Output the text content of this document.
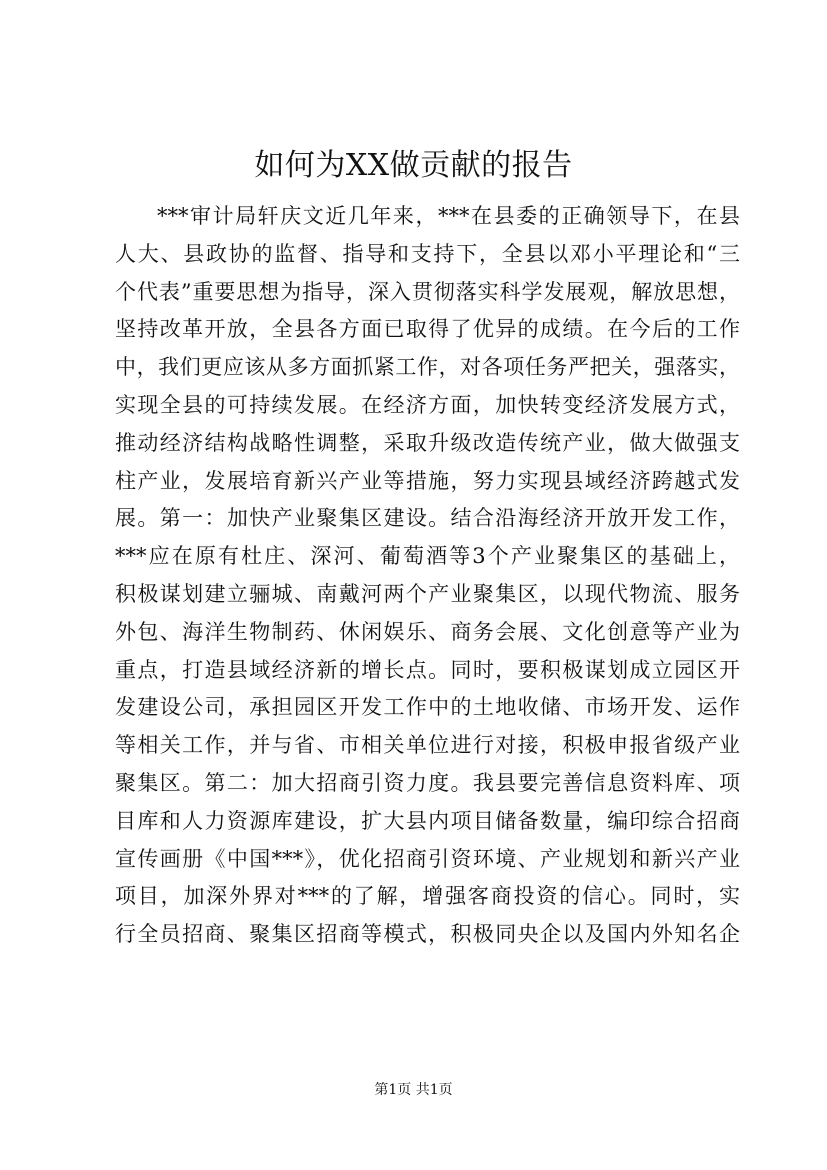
如何为XX做贡献的报告
***审计局轩庆文近几年来，***在县委的正确领导下，在县
人大、县政协的监督、指导和支持下，全县以邓小平理论和“三
个代表”重要思想为指导，深入贯彻落实科学发展观，解放思想，
坚持改革开放，全县各方面已取得了优异的成绩。在今后的工作
中，我们更应该从多方面抓紧工作，对各项任务严把关，强落实，
实现全县的可持续发展。在经济方面，加快转变经济发展方式，
推动经济结构战略性调整，采取升级改造传统产业，做大做强支
柱产业，发展培育新兴产业等措施，努力实现县域经济跨越式发
展。第一：加快产业聚集区建设。结合沿海经济开放开发工作，
***应在原有杜庄、深河、葡萄酒等3个产业聚集区的基础上，
积极谋划建立骊城、南戴河两个产业聚集区，以现代物流、服务
外包、海洋生物制药、休闲娱乐、商务会展、文化创意等产业为
重点，打造县域经济新的增长点。同时，要积极谋划成立园区开
发建设公司，承担园区开发工作中的土地收储、市场开发、运作
等相关工作，并与省、市相关单位进行对接，积极申报省级产业
聚集区。第二：加大招商引资力度。我县要完善信息资料库、项
目库和人力资源库建设，扩大县内项目储备数量，编印综合招商
宣传画册《中国***》，优化招商引资环境、产业规划和新兴产业
项目，加深外界对***的了解，增强客商投资的信心。同时，实
行全员招商、聚集区招商等模式，积极同央企以及国内外知名企
第1页 共1页
